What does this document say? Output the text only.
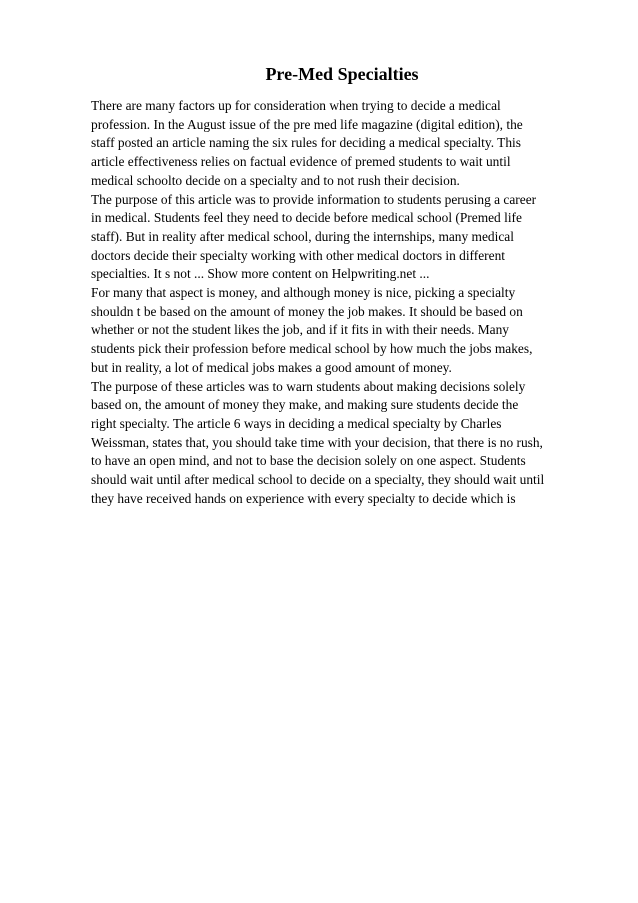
Pre-Med Specialties
There are many factors up for consideration when trying to decide a medical
profession. In the August issue of the pre med life magazine (digital edition), the
staff posted an article naming the six rules for deciding a medical specialty. This
article effectiveness relies on factual evidence of premed students to wait until
medical schoolto decide on a specialty and to not rush their decision.
The purpose of this article was to provide information to students perusing a career
in medical. Students feel they need to decide before medical school (Premed life
staff). But in reality after medical school, during the internships, many medical
doctors decide their specialty working with other medical doctors in different
specialties. It s not ... Show more content on Helpwriting.net ...
For many that aspect is money, and although money is nice, picking a specialty
shouldn t be based on the amount of money the job makes. It should be based on
whether or not the student likes the job, and if it fits in with their needs. Many
students pick their profession before medical school by how much the jobs makes,
but in reality, a lot of medical jobs makes a good amount of money.
The purpose of these articles was to warn students about making decisions solely
based on, the amount of money they make, and making sure students decide the
right specialty. The article 6 ways in deciding a medical specialty by Charles
Weissman, states that, you should take time with your decision, that there is no rush,
to have an open mind, and not to base the decision solely on one aspect. Students
should wait until after medical school to decide on a specialty, they should wait until
they have received hands on experience with every specialty to decide which is
